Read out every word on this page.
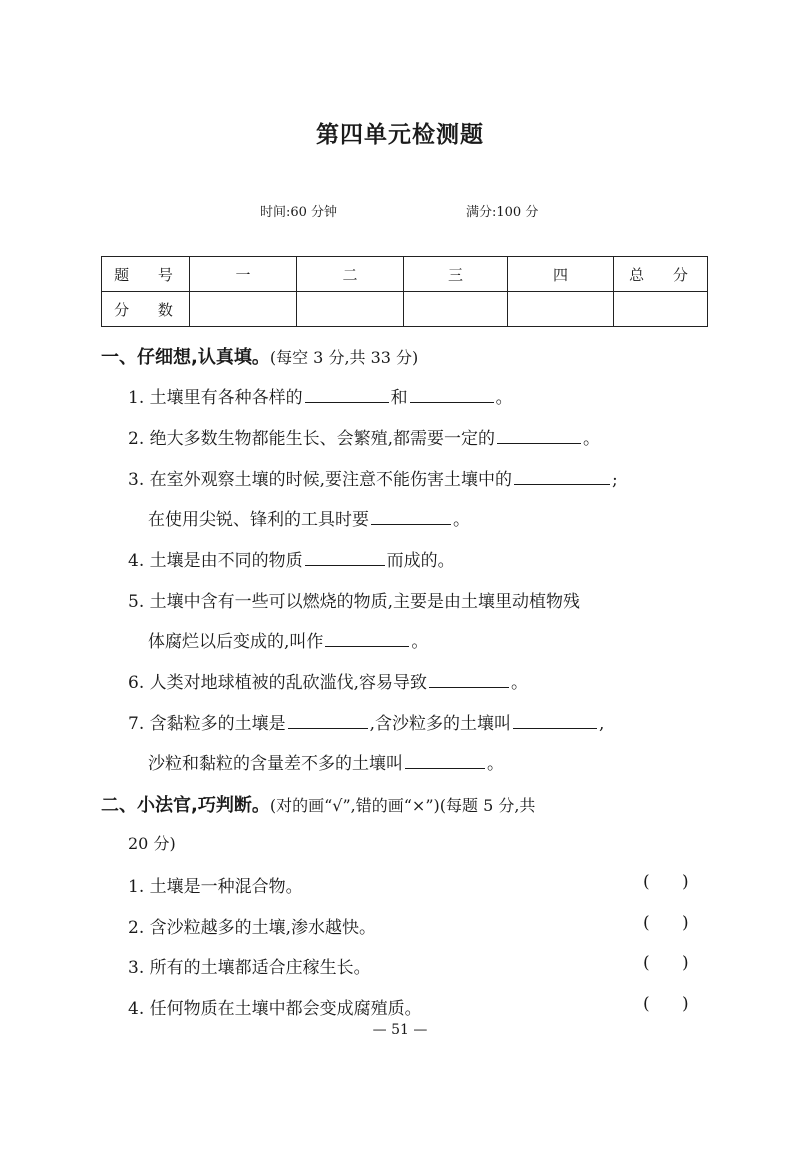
第四单元检测题
时间:60 分钟	满分:100 分
题 号	一	二	三	四	总 分
分 数					
一、仔细想,认真填。(每空 3 分,共 33 分)
1. 土壤里有各种各样的	和	。
2. 绝大多数生物都能生长、会繁殖,都需要一定的	。
3. 在室外观察土壤的时候,要注意不能伤害土壤中的	;
在使用尖锐、锋利的工具时要	。
4. 土壤是由不同的物质	而成的。
5. 土壤中含有一些可以燃烧的物质,主要是由土壤里动植物残
体腐烂以后变成的,叫作	。
6. 人类对地球植被的乱砍滥伐,容易导致	。
7. 含黏粒多的土壤是	,含沙粒多的土壤叫	,
沙粒和黏粒的含量差不多的土壤叫	。
二、小法官,巧判断。(对的画“√”,错的画“×”)(每题 5 分,共
20 分)
1. 土壤是一种混合物。	(      )
2. 含沙粒越多的土壤,渗水越快。	(      )
3. 所有的土壤都适合庄稼生长。	(      )
4. 任何物质在土壤中都会变成腐殖质。	(      )
— 51 —
